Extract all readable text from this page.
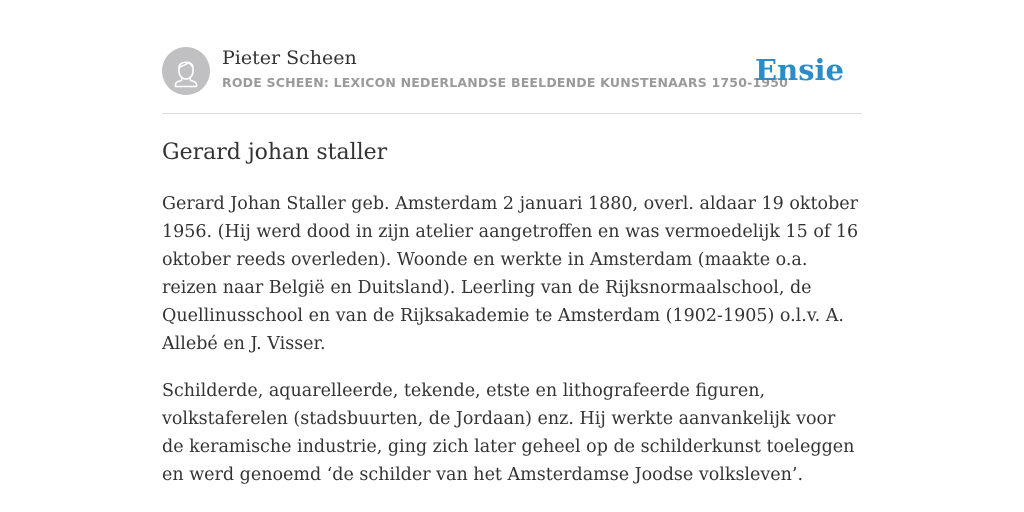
Pieter Scheen
RODE SCHEEN: LEXICON NEDERLANDSE BEELDENDE KUNSTENAARS 1750-1950
Ensie
Gerard johan staller

Gerard Johan Staller geb. Amsterdam 2 januari 1880, overl. aldaar 19 oktober 1956. (Hij werd dood in zijn atelier aangetroffen en was vermoedelijk 15 of 16 oktober reeds overleden). Woonde en werkte in Amsterdam (maakte o.a. reizen naar België en Duitsland). Leerling van de Rijksnormaalschool, de Quellinusschool en van de Rijksakademie te Amsterdam (1902-1905) o.l.v. A. Allebé en J. Visser.

Schilderde, aquarelleerde, tekende, etste en lithografeerde figuren, volkstaferelen (stadsbuurten, de Jordaan) enz. Hij werkte aanvankelijk voor de keramische industrie, ging zich later geheel op de schilderkunst toeleggen en werd genoemd ‘de schilder van het Amsterdamse Joodse volksleven’.
